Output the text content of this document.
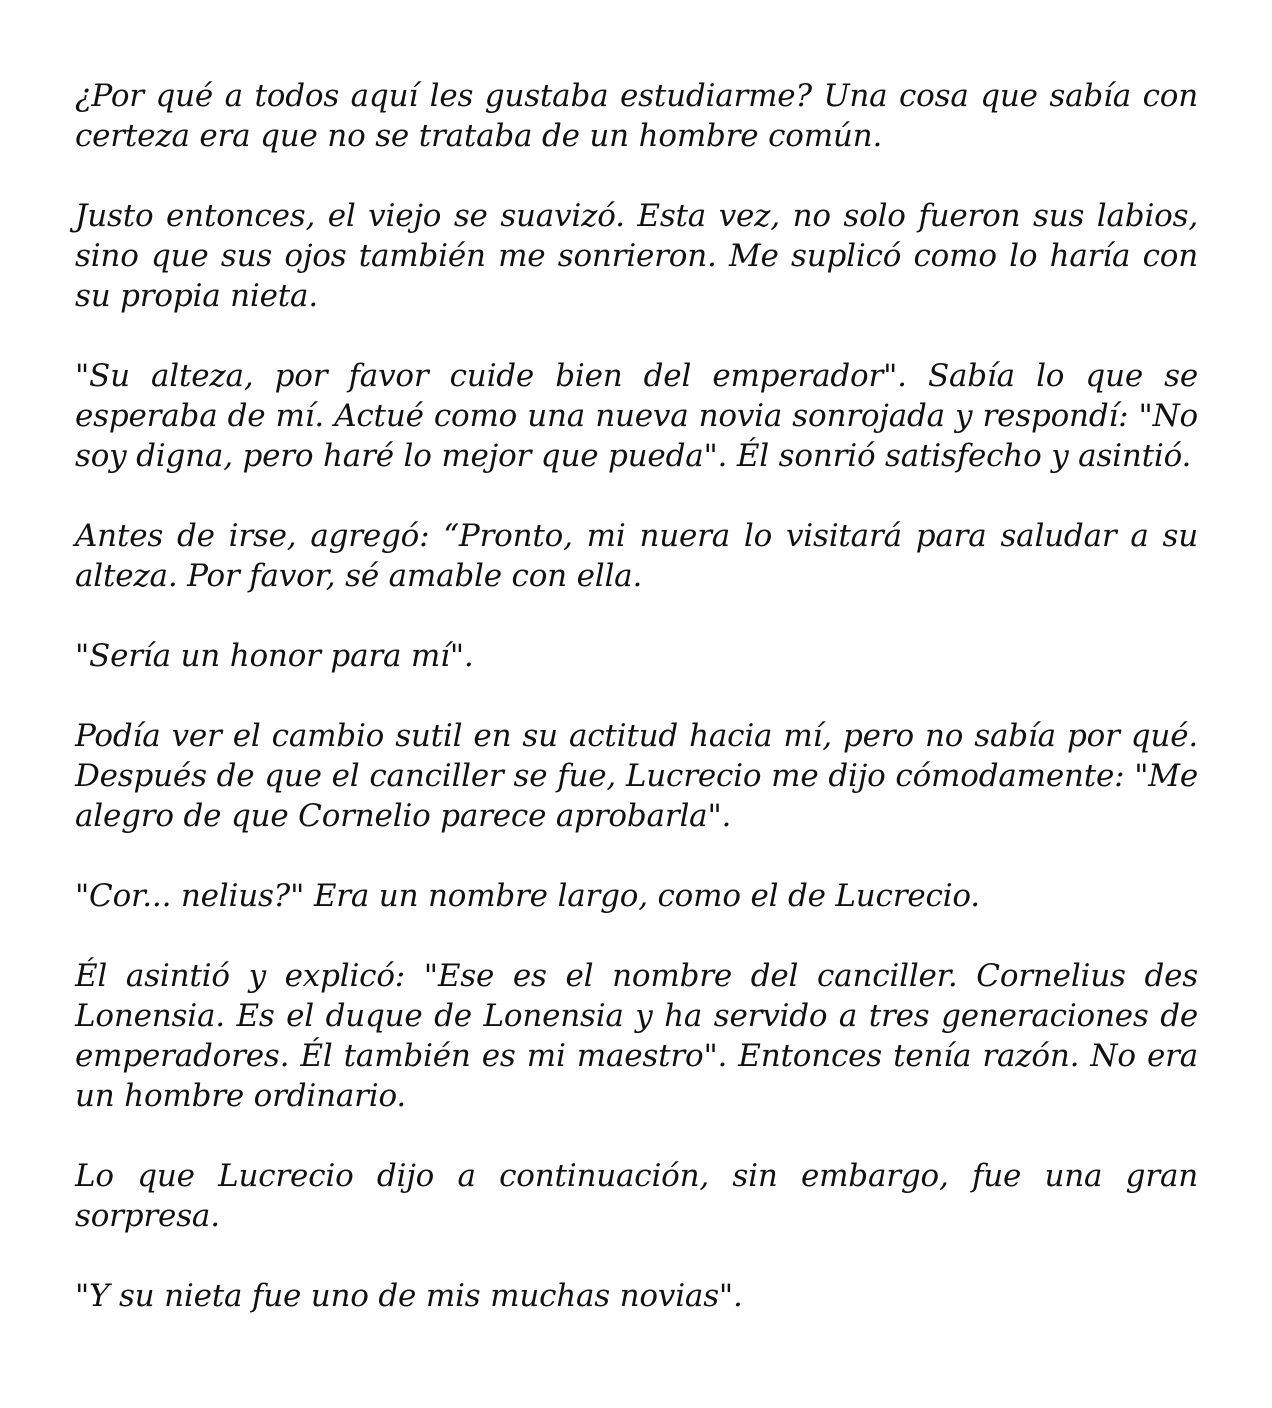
¿Por qué a todos aquí les gustaba estudiarme? Una cosa que sabía con certeza era que no se trataba de un hombre común.

Justo entonces, el viejo se suavizó. Esta vez, no solo fueron sus labios, sino que sus ojos también me sonrieron. Me suplicó como lo haría con su propia nieta.

"Su alteza, por favor cuide bien del emperador". Sabía lo que se esperaba de mí. Actué como una nueva novia sonrojada y respondí: "No soy digna, pero haré lo mejor que pueda". Él sonrió satisfecho y asintió.

Antes de irse, agregó: “Pronto, mi nuera lo visitará para saludar a su alteza. Por favor, sé amable con ella.

"Sería un honor para mí".

Podía ver el cambio sutil en su actitud hacia mí, pero no sabía por qué. Después de que el canciller se fue, Lucrecio me dijo cómodamente: "Me alegro de que Cornelio parece aprobarla".

"Cor... nelius?" Era un nombre largo, como el de Lucrecio.

Él asintió y explicó: "Ese es el nombre del canciller. Cornelius des Lonensia. Es el duque de Lonensia y ha servido a tres generaciones de emperadores. Él también es mi maestro". Entonces tenía razón. No era un hombre ordinario.

Lo que Lucrecio dijo a continuación, sin embargo, fue una gran sorpresa.

"Y su nieta fue uno de mis muchas novias".
